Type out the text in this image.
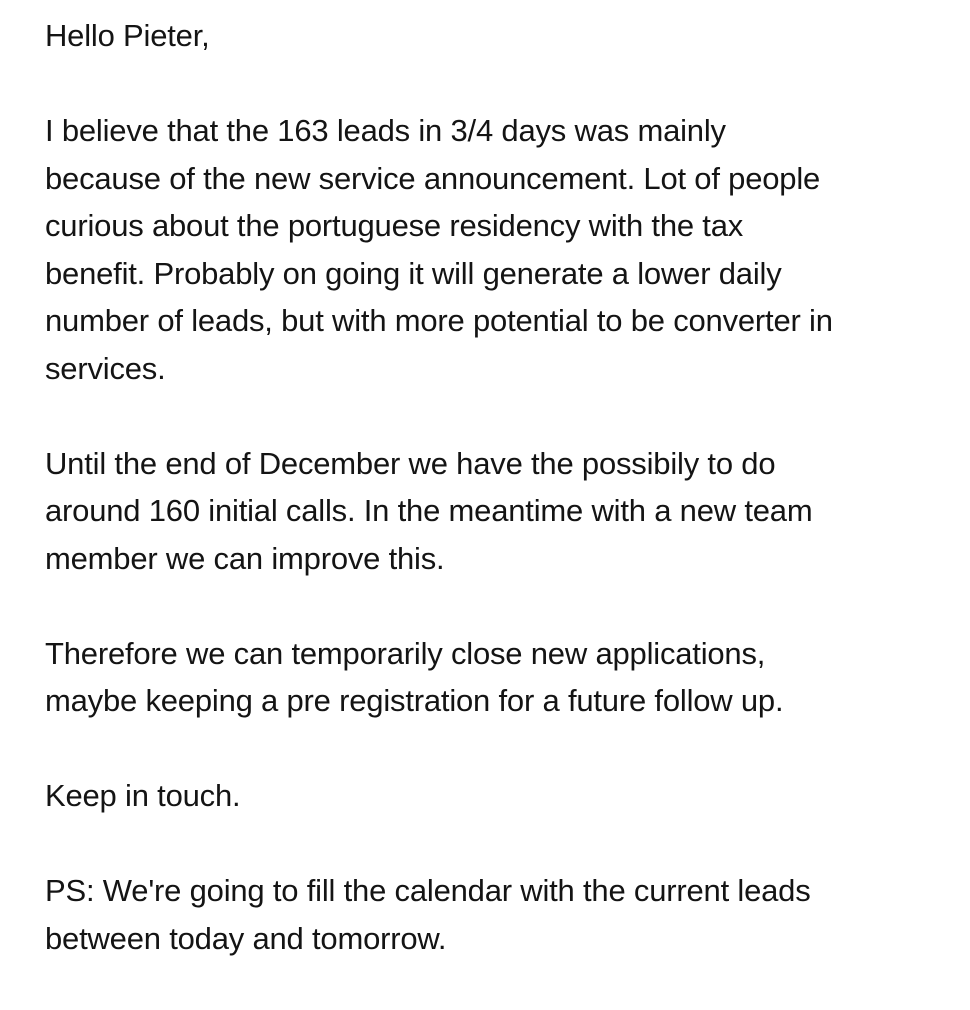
Hello Pieter,

I believe that the 163 leads in 3/4 days was mainly
because of the new service announcement. Lot of people
curious about the portuguese residency with the tax
benefit. Probably on going it will generate a lower daily
number of leads, but with more potential to be converter in
services.

Until the end of December we have the possibily to do
around 160 initial calls. In the meantime with a new team
member we can improve this.

Therefore we can temporarily close new applications,
maybe keeping a pre registration for a future follow up.

Keep in touch.

PS: We're going to fill the calendar with the current leads
between today and tomorrow.
